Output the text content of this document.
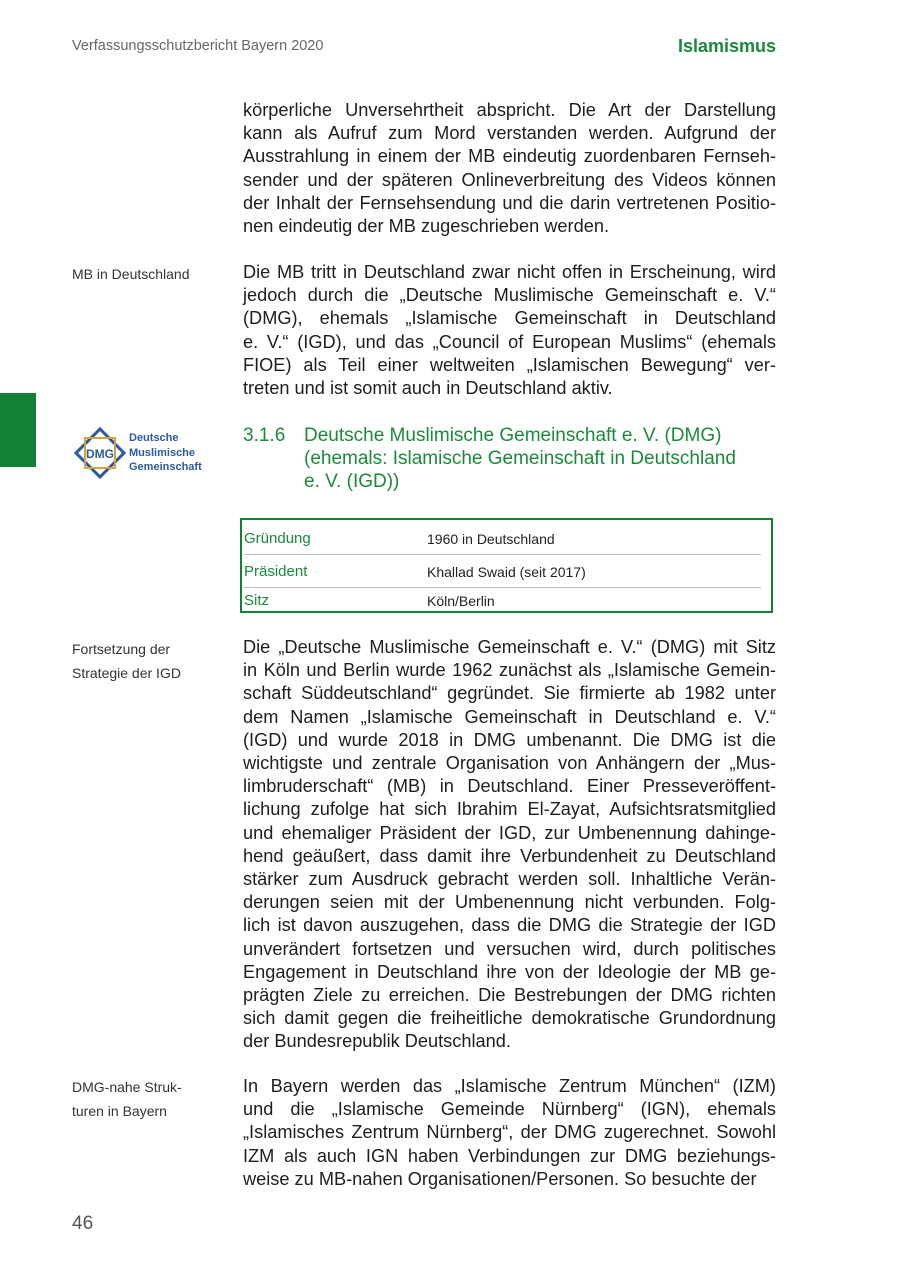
Verfassungsschutzbericht Bayern 2020	Islamismus
körperliche Unversehrtheit abspricht. Die Art der Darstellung
kann als Aufruf zum Mord verstanden werden. Aufgrund der
Ausstrahlung in einem der MB eindeutig zuordenbaren Fernseh-
sender und der späteren Onlineverbreitung des Videos können
der Inhalt der Fernsehsendung und die darin vertretenen Positio-
nen eindeutig der MB zugeschrieben werden.
MB in Deutschland	Die MB tritt in Deutschland zwar nicht offen in Erscheinung, wird
jedoch durch die „Deutsche Muslimische Gemeinschaft e. V.“
(DMG), ehemals „Islamische Gemeinschaft in Deutschland
e. V.“ (IGD), und das „Council of European Muslims“ (ehemals
FIOE) als Teil einer weltweiten „Islamischen Bewegung“ ver-
treten und ist somit auch in Deutschland aktiv.
DMG
Deutsche
Muslimische
Gemeinschaft
3.1.6 Deutsche Muslimische Gemeinschaft e. V. (DMG)
(ehemals: Islamische Gemeinschaft in Deutschland
e. V. (IGD))
Gründung	1960 in Deutschland
Präsident	Khallad Swaid (seit 2017)
Sitz	Köln/Berlin
Fortsetzung der
Strategie der IGD
Die „Deutsche Muslimische Gemeinschaft e. V.“ (DMG) mit Sitz
in Köln und Berlin wurde 1962 zunächst als „Islamische Gemein-
schaft Süddeutschland“ gegründet. Sie firmierte ab 1982 unter
dem Namen „Islamische Gemeinschaft in Deutschland e. V.“
(IGD) und wurde 2018 in DMG umbenannt. Die DMG ist die
wichtigste und zentrale Organisation von Anhängern der „Mus-
limbruderschaft“ (MB) in Deutschland. Einer Presseveröffent-
lichung zufolge hat sich Ibrahim El-Zayat, Aufsichtsratsmitglied
und ehemaliger Präsident der IGD, zur Umbenennung dahinge-
hend geäußert, dass damit ihre Verbundenheit zu Deutschland
stärker zum Ausdruck gebracht werden soll. Inhaltliche Verän-
derungen seien mit der Umbenennung nicht verbunden. Folg-
lich ist davon auszugehen, dass die DMG die Strategie der IGD
unverändert fortsetzen und versuchen wird, durch politisches
Engagement in Deutschland ihre von der Ideologie der MB ge-
prägten Ziele zu erreichen. Die Bestrebungen der DMG richten
sich damit gegen die freiheitliche demokratische Grundordnung
der Bundesrepublik Deutschland.
DMG-nahe Struk-
turen in Bayern
In Bayern werden das „Islamische Zentrum München“ (IZM)
und die „Islamische Gemeinde Nürnberg“ (IGN), ehemals
„Islamisches Zentrum Nürnberg“, der DMG zugerechnet. Sowohl
IZM als auch IGN haben Verbindungen zur DMG beziehungs-
weise zu MB-nahen Organisationen/Personen. So besuchte der
46
